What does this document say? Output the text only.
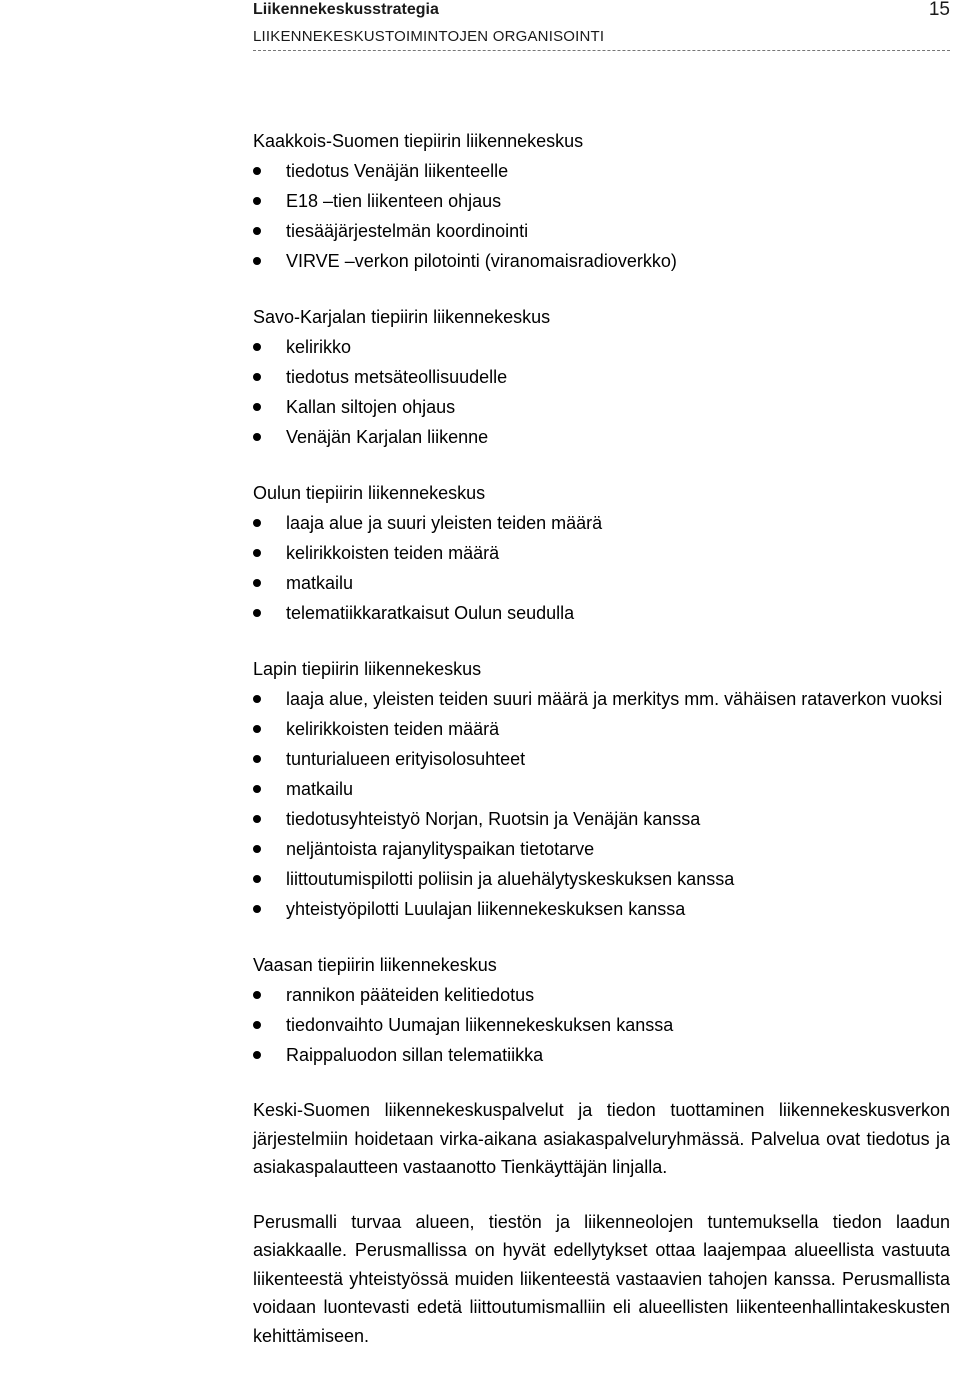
Liikennekeskusstrategia
LIIKENNEKESKUSTOIMINTOJEN ORGANISOINTI
15
Kaakkois-Suomen tiepiirin liikennekeskus
tiedotus Venäjän liikenteelle
E18 –tien liikenteen ohjaus
tiesääjärjestelmän koordinointi
VIRVE –verkon pilotointi (viranomaisradioverkko)
Savo-Karjalan tiepiirin liikennekeskus
kelirikko
tiedotus metsäteollisuudelle
Kallan siltojen ohjaus
Venäjän Karjalan liikenne
Oulun tiepiirin liikennekeskus
laaja alue ja suuri yleisten teiden määrä
kelirikkoisten teiden määrä
matkailu
telematiikkaratkaisut Oulun seudulla
Lapin tiepiirin liikennekeskus
laaja alue, yleisten teiden suuri määrä ja merkitys mm. vähäisen rataverkon vuoksi
kelirikkoisten teiden määrä
tunturialueen erityisolosuhteet
matkailu
tiedotusyhteistyö Norjan, Ruotsin ja Venäjän kanssa
neljäntoista rajanylityspaikan tietotarve
liittoutumispilotti poliisin ja aluehälytyskeskuksen kanssa
yhteistyöpilotti Luulajan liikennekeskuksen kanssa
Vaasan tiepiirin liikennekeskus
rannikon pääteiden kelitiedotus
tiedonvaihto Uumajan liikennekeskuksen kanssa
Raippaluodon sillan telematiikka

Keski-Suomen liikennekeskuspalvelut ja tiedon tuottaminen liikennekeskusverkon järjestelmiin hoidetaan virka-aikana asiakaspalveluryhmässä. Palvelua ovat tiedotus ja asiakaspalautteen vastaanotto Tienkäyttäjän linjalla.

Perusmalli turvaa alueen, tiestön ja liikenneolojen tuntemuksella tiedon laadun asiakkaalle. Perusmallissa on hyvät edellytykset ottaa laajempaa alueellista vastuuta liikenteestä yhteistyössä muiden liikenteestä vastaavien tahojen kanssa. Perusmallista voidaan luontevasti edetä liittoutumismalliin eli alueellisten liikenteenhallintakeskusten kehittämiseen.
